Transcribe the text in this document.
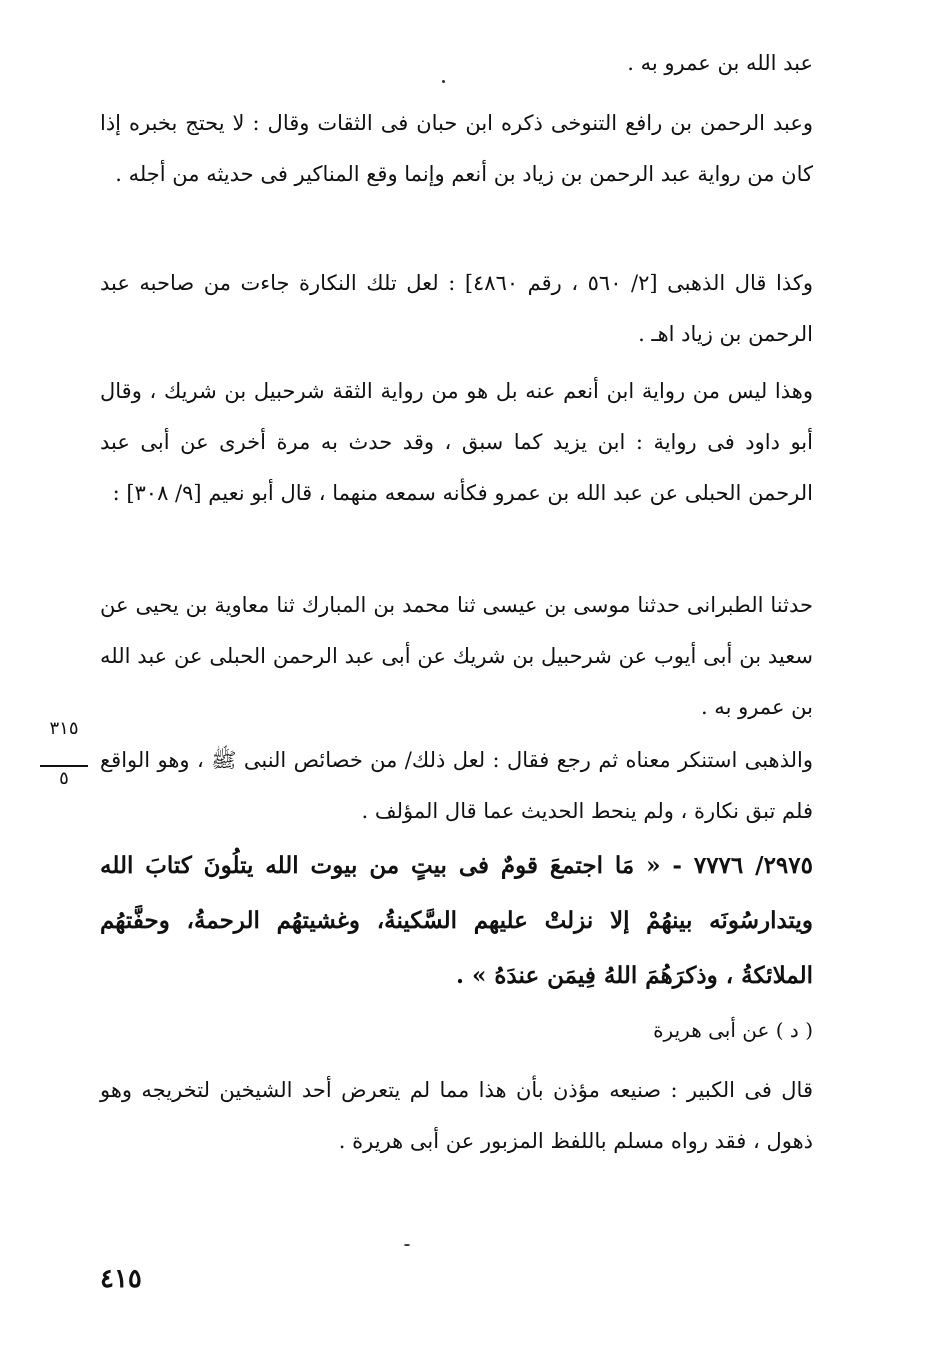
عبد الله بن عمرو به .
وعبد الرحمن بن رافع التنوخى ذكره ابن حبان فى الثقات وقال : لا يحتج بخبره إذا كان من رواية عبد الرحمن بن زياد بن أنعم وإنما وقع المناكير فى حديثه من أجله .
وكذا قال الذهبى [٢/ ٥٦٠ ، رقم ٤٨٦٠] : لعل تلك النكارة جاءت من صاحبه عبد الرحمن بن زياد اهـ .
وهذا ليس من رواية ابن أنعم عنه بل هو من رواية الثقة شرحبيل بن شريك ، وقال أبو داود فى رواية : ابن يزيد كما سبق ، وقد حدث به مرة أخرى عن أبى عبد الرحمن الحبلى عن عبد الله بن عمرو فكأنه سمعه منهما ، قال أبو نعيم [٩/ ٣٠٨] :
حدثنا الطبرانى حدثنا موسى بن عيسى ثنا محمد بن المبارك ثنا معاوية بن يحيى عن سعيد بن أبى أيوب عن شرحبيل بن شريك عن أبى عبد الرحمن الحبلى عن عبد الله بن عمرو به .
والذهبى استنكر معناه ثم رجع فقال : لعل ذلك/ من خصائص النبى ﷺ ، وهو الواقع فلم تبق نكارة ، ولم ينحط الحديث عما قال المؤلف .
٢٩٧٥/ ٧٧٧٦ - « مَا اجتمعَ قومٌ فى بيتٍ من بيوت الله يتلُونَ كتابَ الله ويتدارسُونَه بينهُمْ إلا نزلتْ عليهم السَّكينةُ، وغشيتهُم الرحمةُ، وحفَّتهُم الملائكةُ ، وذكرَهُمَ اللهُ فِيمَن عندَهُ » .
( د ) عن أبى هريرة
قال فى الكبير : صنيعه مؤذن بأن هذا مما لم يتعرض أحد الشيخين لتخريجه وهو ذهول ، فقد رواه مسلم باللفظ المزبور عن أبى هريرة .
٣١٥
٥
٤١٥
